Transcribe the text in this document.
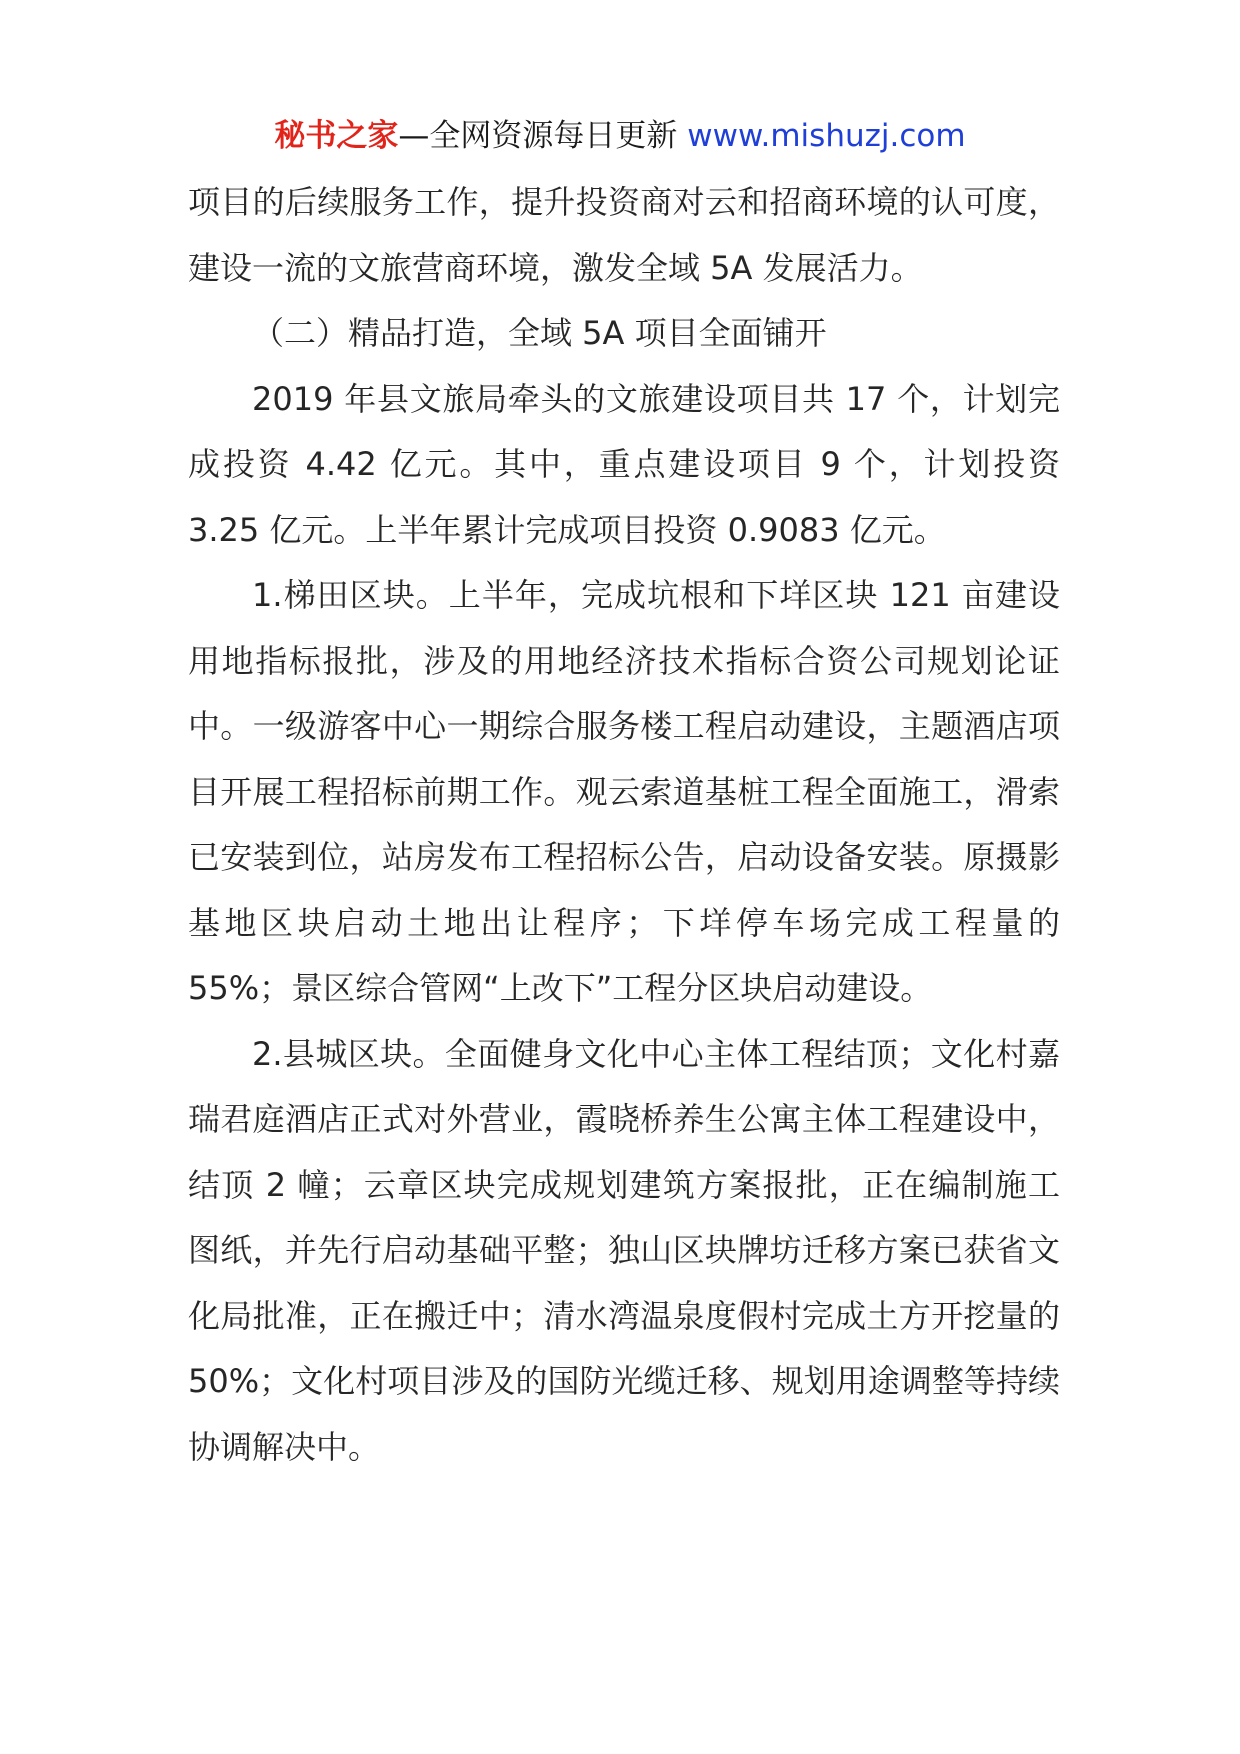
秘书之家—全网资源每日更新 www.mishuzj.com

项目的后续服务工作，提升投资商对云和招商环境的认可度，建设一流的文旅营商环境，激发全域 5A 发展活力。

（二）精品打造，全域 5A 项目全面铺开

2019 年县文旅局牵头的文旅建设项目共 17 个，计划完成投资 4.42 亿元。其中，重点建设项目 9 个，计划投资 3.25 亿元。上半年累计完成项目投资 0.9083 亿元。

1.梯田区块。上半年，完成坑根和下垟区块 121 亩建设用地指标报批，涉及的用地经济技术指标合资公司规划论证中。一级游客中心一期综合服务楼工程启动建设，主题酒店项目开展工程招标前期工作。观云索道基桩工程全面施工，滑索已安装到位，站房发布工程招标公告，启动设备安装。原摄影基地区块启动土地出让程序；下垟停车场完成工程量的 55%；景区综合管网“上改下”工程分区块启动建设。

2.县城区块。全面健身文化中心主体工程结顶；文化村嘉瑞君庭酒店正式对外营业，霞晓桥养生公寓主体工程建设中，结顶 2 幢；云章区块完成规划建筑方案报批，正在编制施工图纸，并先行启动基础平整；独山区块牌坊迁移方案已获省文化局批准，正在搬迁中；清水湾温泉度假村完成土方开挖量的 50%；文化村项目涉及的国防光缆迁移、规划用途调整等持续协调解决中。
